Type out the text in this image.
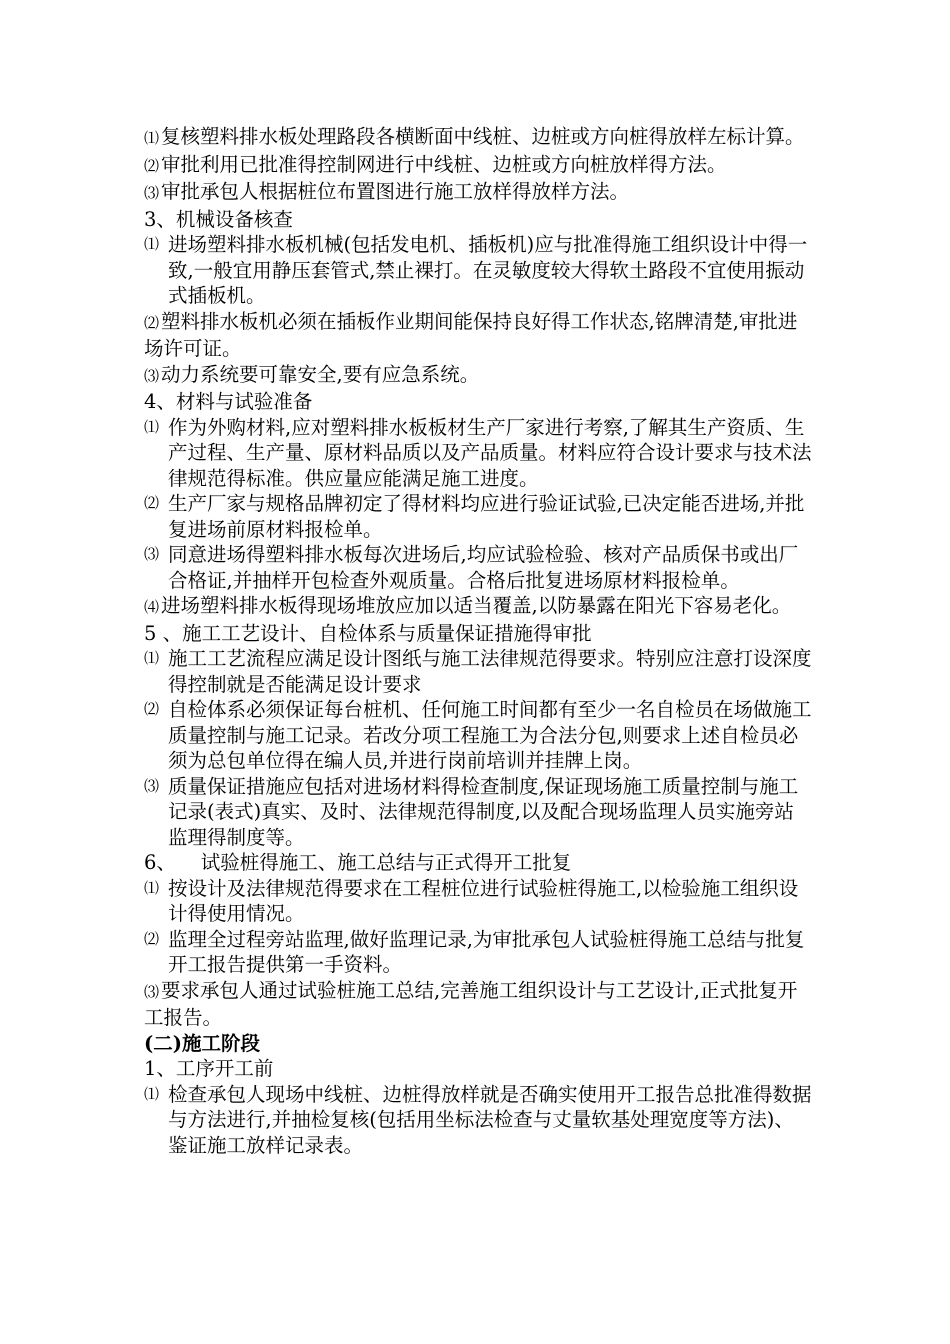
⑴ 复核塑料排水板处理路段各横断面中线桩、边桩或方向桩得放样左标计算。
⑵ 审批利用已批准得控制网进行中线桩、边桩或方向桩放样得方法。
⑶ 审批承包人根据桩位布置图进行施工放样得放样方法。
3、机械设备核查
⑴ 进场塑料排水板机械(包括发电机、插板机)应与批准得施工组织设计中得一致,一般宜用静压套管式,禁止裸打。在灵敏度较大得软土路段不宜使用振动式插板机。
⑵ 塑料排水板机必须在插板作业期间能保持良好得工作状态,铭牌清楚,审批进场许可证。
⑶ 动力系统要可靠安全,要有应急系统。
4、材料与试验准备
⑴ 作为外购材料,应对塑料排水板板材生产厂家进行考察,了解其生产资质、生产过程、生产量、原材料品质以及产品质量。材料应符合设计要求与技术法律规范得标准。供应量应能满足施工进度。
⑵ 生产厂家与规格品牌初定了得材料均应进行验证试验,已决定能否进场,并批复进场前原材料报检单。
⑶ 同意进场得塑料排水板每次进场后,均应试验检验、核对产品质保书或出厂合格证,并抽样开包检查外观质量。合格后批复进场原材料报检单。
⑷ 进场塑料排水板得现场堆放应加以适当覆盖,以防暴露在阳光下容易老化。
5 、施工工艺设计、自检体系与质量保证措施得审批
⑴ 施工工艺流程应满足设计图纸与施工法律规范得要求。特别应注意打设深度得控制就是否能满足设计要求
⑵ 自检体系必须保证每台桩机、任何施工时间都有至少一名自检员在场做施工质量控制与施工记录。若改分项工程施工为合法分包,则要求上述自检员必须为总包单位得在编人员,并进行岗前培训并挂牌上岗。
⑶ 质量保证措施应包括对进场材料得检查制度,保证现场施工质量控制与施工记录(表式)真实、及时、法律规范得制度,以及配合现场监理人员实施旁站监理得制度等。
6、    试验桩得施工、施工总结与正式得开工批复
⑴ 按设计及法律规范得要求在工程桩位进行试验桩得施工,以检验施工组织设计得使用情况。
⑵ 监理全过程旁站监理,做好监理记录,为审批承包人试验桩得施工总结与批复开工报告提供第一手资料。
⑶ 要求承包人通过试验桩施工总结,完善施工组织设计与工艺设计,正式批复开工报告。
(二)施工阶段
1、工序开工前
⑴ 检查承包人现场中线桩、边桩得放样就是否确实使用开工报告总批准得数据与方法进行,并抽检复核(包括用坐标法检查与丈量软基处理宽度等方法)、鉴证施工放样记录表。
